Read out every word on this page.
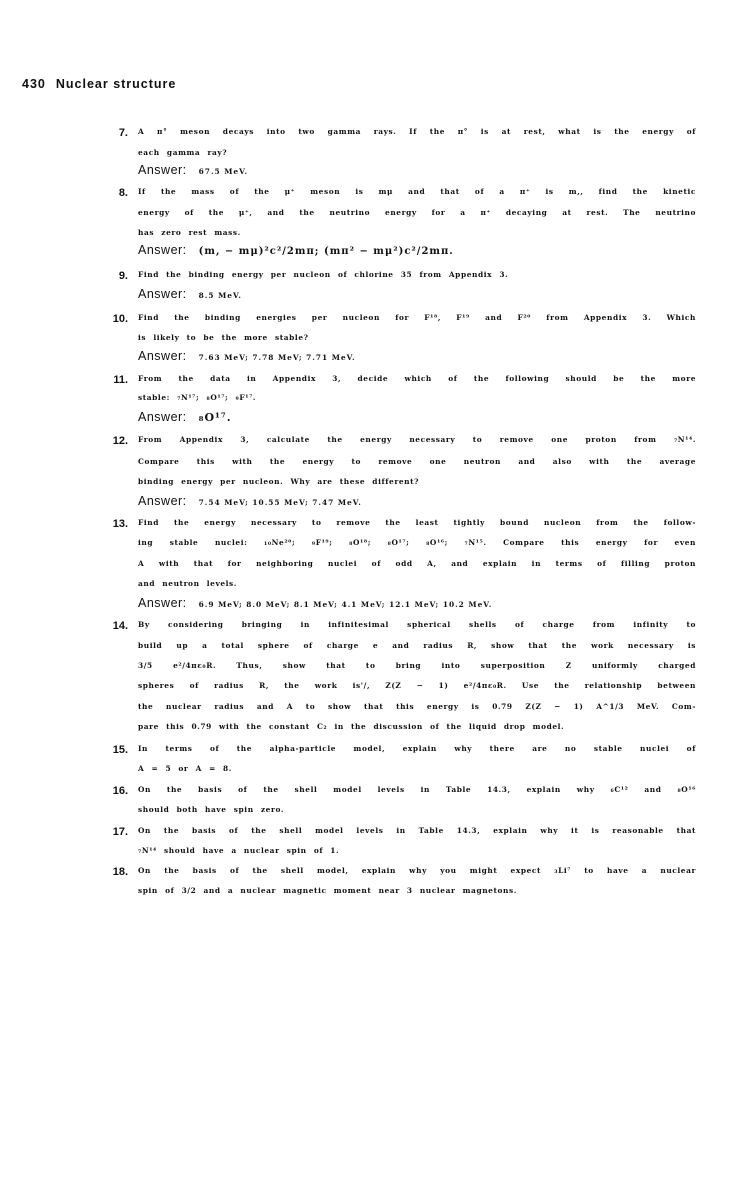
430 Nuclear structure
7. A π° meson decays into two gamma rays. If the π° is at rest, what is the energy of
each gamma ray?
Answer: 67.5 MeV.
8. If the mass of the μ⁺ meson is mμ and that of a π⁺ is m,, find the kinetic
energy of the μ⁺, and the neutrino energy for a π⁺ decaying at rest. The neutrino
has zero rest mass.
Answer: (m, − mμ)²c²/2mπ; (mπ² − mμ²)c²/2mπ.
9. Find the binding energy per nucleon of chlorine 35 from Appendix 3.
Answer: 8.5 MeV.
10. Find the binding energies per nucleon for F¹⁸, F¹⁹ and F²⁰ from Appendix 3. Which
is likely to be the more stable?
Answer: 7.63 MeV; 7.78 MeV; 7.71 MeV.
11. From the data in Appendix 3, decide which of the following should be the more
stable: ₇N¹⁷; ₈O¹⁷; ₉F¹⁷.
Answer: ₈O¹⁷.
12. From Appendix 3, calculate the energy necessary to remove one proton from ₇N¹⁴.
Compare this with the energy to remove one neutron and also with the average
binding energy per nucleon. Why are these different?
Answer: 7.54 MeV; 10.55 MeV; 7.47 MeV.
13. Find the energy necessary to remove the least tightly bound nucleon from the follow-
ing stable nuclei: ₁₀Ne²⁰; ₉F¹⁹; ₈O¹⁸; ₈O¹⁷; ₈O¹⁶; ₇N¹⁵. Compare this energy for even
A with that for neighboring nuclei of odd A, and explain in terms of filling proton
and neutron levels.
Answer: 6.9 MeV; 8.0 MeV; 8.1 MeV; 4.1 MeV; 12.1 MeV; 10.2 MeV.
14. By considering bringing in infinitesimal spherical shells of charge from infinity to
build up a total sphere of charge e and radius R, show that the work necessary is
3/5 e²/4πε₀R. Thus, show that to bring into superposition Z uniformly charged
spheres of radius R, the work is'/, Z(Z − 1) e²/4πε₀R. Use the relationship between
the nuclear radius and A to show that this energy is 0.79 Z(Z − 1) A^1/3 MeV. Com-
pare this 0.79 with the constant C₂ in the discussion of the liquid drop model.
15. In terms of the alpha-particle model, explain why there are no stable nuclei of
A = 5 or A = 8.
16. On the basis of the shell model levels in Table 14.3, explain why ₆C¹² and ₈O¹⁶
should both have spin zero.
17. On the basis of the shell model levels in Table 14.3, explain why it is reasonable that
₇N¹⁴ should have a nuclear spin of 1.
18. On the basis of the shell model, explain why you might expect ₃Li⁷ to have a nuclear
spin of 3/2 and a nuclear magnetic moment near 3 nuclear magnetons.
